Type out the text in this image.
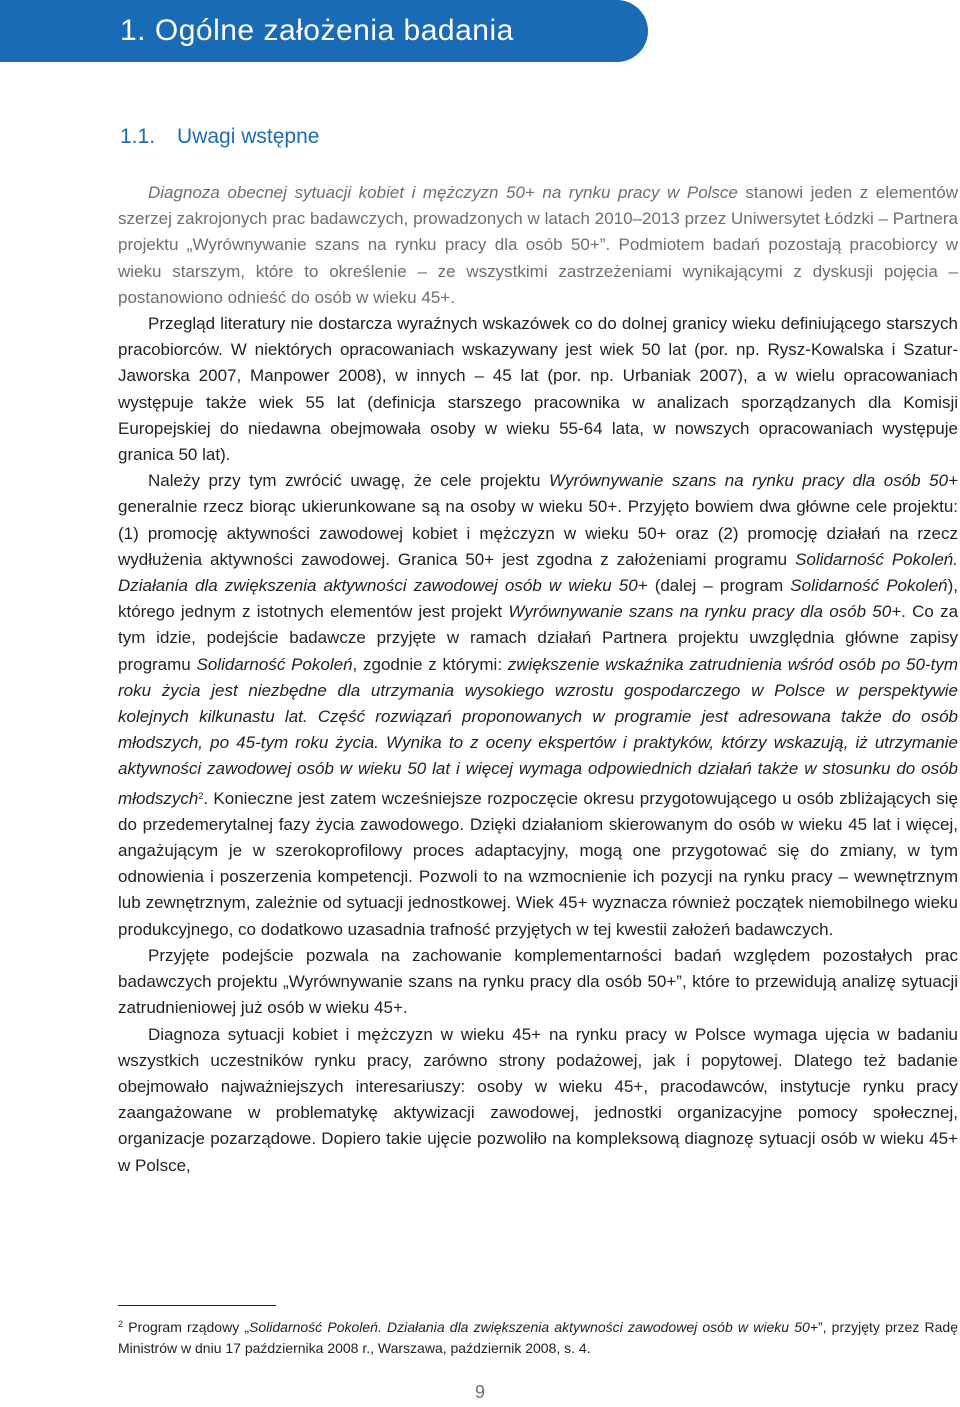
1. Ogólne założenia badania
1.1. Uwagi wstępne

Diagnoza obecnej sytuacji kobiet i mężczyzn 50+ na rynku pracy w Polsce stanowi jeden z elementów szerzej zakrojonych prac badawczych, prowadzonych w latach 2010–2013 przez Uniwersytet Łódzki – Partnera projektu „Wyrównywanie szans na rynku pracy dla osób 50+”. Podmiotem badań pozostają pracobiorcy w wieku starszym, które to określenie – ze wszystkimi zastrzeżeniami wynikającymi z dyskusji pojęcia – postanowiono odnieść do osób w wieku 45+.

Przegląd literatury nie dostarcza wyraźnych wskazówek co do dolnej granicy wieku definiującego starszych pracobiorców. W niektórych opracowaniach wskazywany jest wiek 50 lat (por. np. Rysz-Kowalska i Szatur-Jaworska 2007, Manpower 2008), w innych – 45 lat (por. np. Urbaniak 2007), a w wielu opracowaniach występuje także wiek 55 lat (definicja starszego pracownika w analizach sporządzanych dla Komisji Europejskiej do niedawna obejmowała osoby w wieku 55-64 lata, w nowszych opracowaniach występuje granica 50 lat).

Należy przy tym zwrócić uwagę, że cele projektu Wyrównywanie szans na rynku pracy dla osób 50+ generalnie rzecz biorąc ukierunkowane są na osoby w wieku 50+. Przyjęto bowiem dwa główne cele projektu: (1) promocję aktywności zawodowej kobiet i mężczyzn w wieku 50+ oraz (2) promocję działań na rzecz wydłużenia aktywności zawodowej. Granica 50+ jest zgodna z założeniami programu Solidarność Pokoleń. Działania dla zwiększenia aktywności zawodowej osób w wieku 50+ (dalej – program Solidarność Pokoleń), którego jednym z istotnych elementów jest projekt Wyrównywanie szans na rynku pracy dla osób 50+. Co za tym idzie, podejście badawcze przyjęte w ramach działań Partnera projektu uwzględnia główne zapisy programu Solidarność Pokoleń, zgodnie z którymi: zwiększenie wskaźnika zatrudnienia wśród osób po 50-tym roku życia jest niezbędne dla utrzymania wysokiego wzrostu gospodarczego w Polsce w perspektywie kolejnych kilkunastu lat. Część rozwiązań proponowanych w programie jest adresowana także do osób młodszych, po 45-tym roku życia. Wynika to z oceny ekspertów i praktyków, którzy wskazują, iż utrzymanie aktywności zawodowej osób w wieku 50 lat i więcej wymaga odpowiednich działań także w stosunku do osób młodszych$^2$. Konieczne jest zatem wcześniejsze rozpoczęcie okresu przygotowującego u osób zbliżających się do przedemerytalnej fazy życia zawodowego. Dzięki działaniom skierowanym do osób w wieku 45 lat i więcej, angażującym je w szerokoprofilowy proces adaptacyjny, mogą one przygotować się do zmiany, w tym odnowienia i poszerzenia kompetencji. Pozwoli to na wzmocnienie ich pozycji na rynku pracy – wewnętrznym lub zewnętrznym, zależnie od sytuacji jednostkowej. Wiek 45+ wyznacza również początek niemobilnego wieku produkcyjnego, co dodatkowo uzasadnia trafność przyjętych w tej kwestii założeń badawczych.

Przyjęte podejście pozwala na zachowanie komplementarności badań względem pozostałych prac badawczych projektu „Wyrównywanie szans na rynku pracy dla osób 50+”, które to przewidują analizę sytuacji zatrudnieniowej już osób w wieku 45+.

Diagnoza sytuacji kobiet i mężczyzn w wieku 45+ na rynku pracy w Polsce wymaga ujęcia w badaniu wszystkich uczestników rynku pracy, zarówno strony podażowej, jak i popytowej. Dlatego też badanie obejmowało najważniejszych interesariuszy: osoby w wieku 45+, pracodawców, instytucje rynku pracy zaangażowane w problematykę aktywizacji zawodowej, jednostki organizacyjne pomocy społecznej, organizacje pozarządowe. Dopiero takie ujęcie pozwoliło na kompleksową diagnozę sytuacji osób w wieku 45+ w Polsce,

$^2$ Program rządowy „Solidarność Pokoleń. Działania dla zwiększenia aktywności zawodowej osób w wieku 50+”, przyjęty przez Radę Ministrów w dniu 17 października 2008 r., Warszawa, październik 2008, s. 4.
9
